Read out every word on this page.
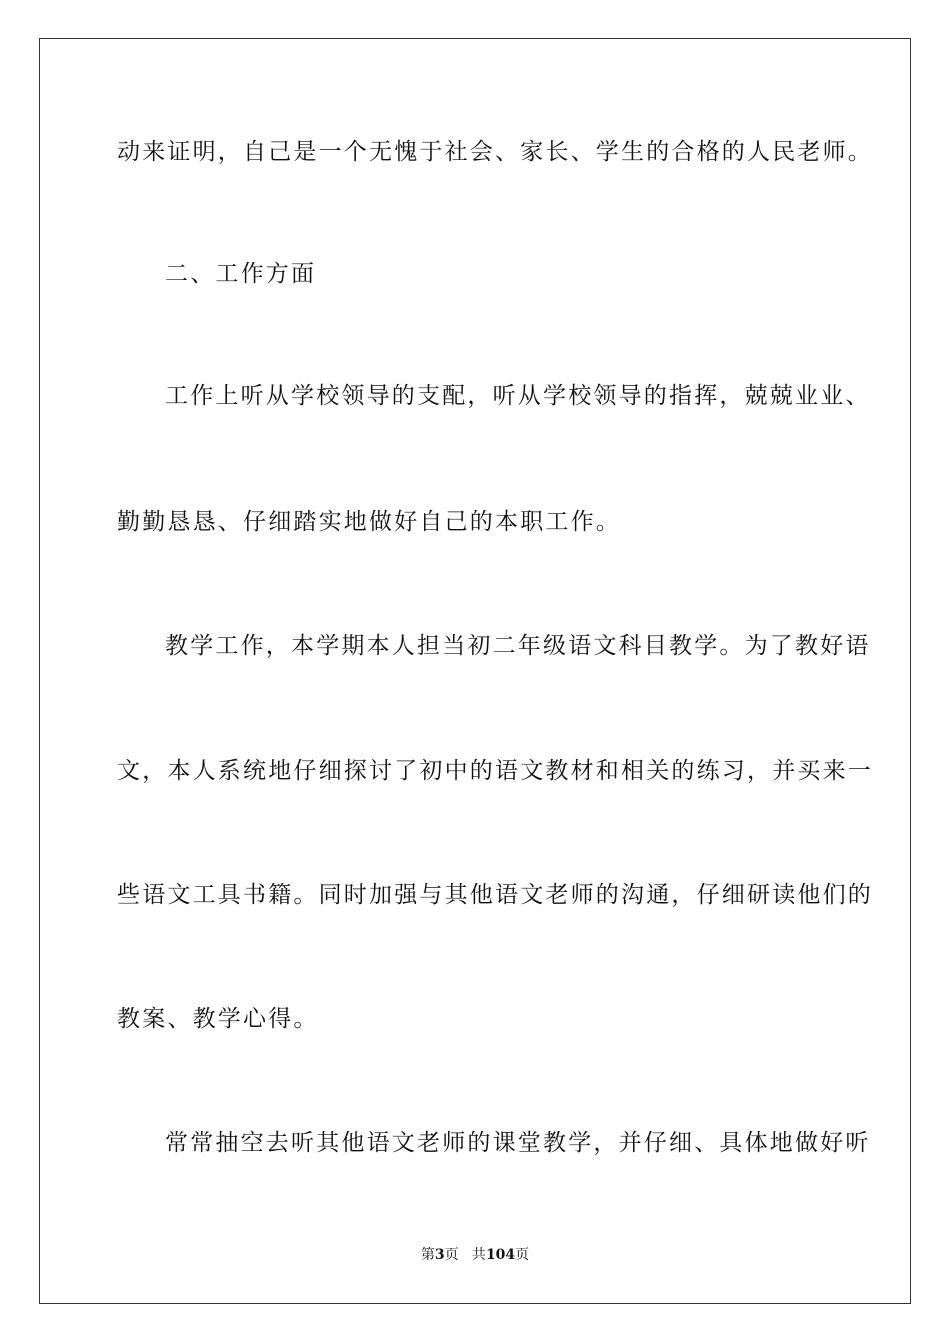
动来证明，自己是一个无愧于社会、家长、学生的合格的人民老师。
二、工作方面
工作上听从学校领导的支配，听从学校领导的指挥，兢兢业业、
勤勤恳恳、仔细踏实地做好自己的本职工作。
教学工作，本学期本人担当初二年级语文科目教学。为了教好语
文，本人系统地仔细探讨了初中的语文教材和相关的练习，并买来一
些语文工具书籍。同时加强与其他语文老师的沟通，仔细研读他们的
教案、教学心得。
常常抽空去听其他语文老师的课堂教学，并仔细、具体地做好听
第3页   共104页
